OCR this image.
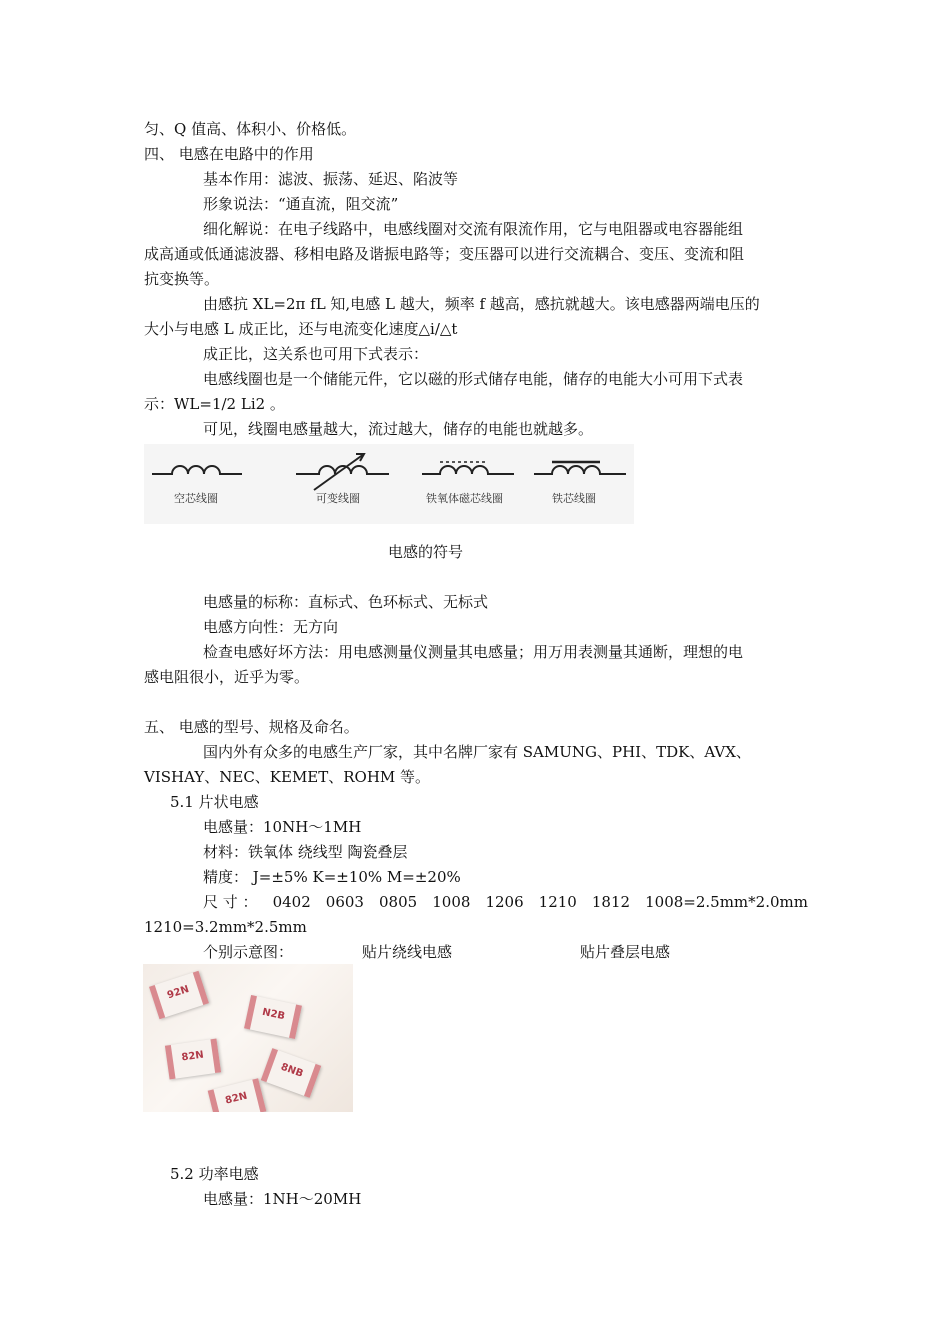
匀、Q 值高、体积小、价格低。
四、 电感在电路中的作用
基本作用：滤波、振荡、延迟、陷波等
形象说法：“通直流，阻交流”
细化解说：在电子线路中，电感线圈对交流有限流作用，它与电阻器或电容器能组
成高通或低通滤波器、移相电路及谐振电路等；变压器可以进行交流耦合、变压、变流和阻
抗变换等。
由感抗 XL=2π fL 知,电感 L 越大，频率 f 越高，感抗就越大。该电感器两端电压的
大小与电感 L 成正比，还与电流变化速度△i/△t
成正比，这关系也可用下式表示：
电感线圈也是一个储能元件，它以磁的形式储存电能，储存的电能大小可用下式表
示：WL=1/2 Li2 。
可见，线圈电感量越大，流过越大，储存的电能也就越多。
空芯线圈	可变线圈	铁氧体磁芯线圈	铁芯线圈
电感的符号
电感量的标称：直标式、色环标式、无标式
电感方向性：无方向
检查电感好坏方法：用电感测量仪测量其电感量；用万用表测量其通断，理想的电
感电阻很小，近乎为零。
五、 电感的型号、规格及命名。
国内外有众多的电感生产厂家，其中名牌厂家有 SAMUNG、PHI、TDK、AVX、
VISHAY、NEC、KEMET、ROHM 等。
5.1 片状电感
电感量：10NH～1MH
材料：铁氧体 绕线型 陶瓷叠层
精度： J=±5% K=±10% M=±20%
尺 寸 ： 0402 0603 0805 1008 1206 1210 1812 1008=2.5mm*2.0mm
1210=3.2mm*2.5mm
个别示意图：	贴片绕线电感	贴片叠层电感
92N
N2B
82N
8NB
82N
5.2 功率电感
电感量：1NH～20MH
